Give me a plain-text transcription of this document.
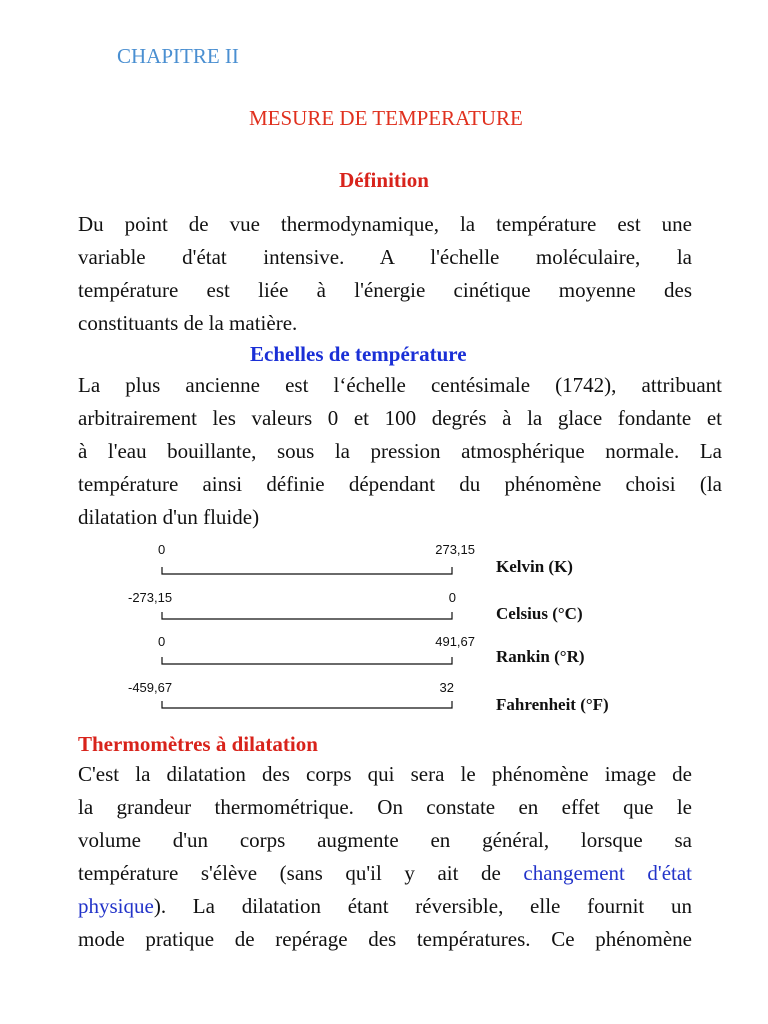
CHAPITRE II
MESURE DE TEMPERATURE
Définition
Du point de vue thermodynamique, la température est une
variable d'état intensive. A l'échelle moléculaire, la
température est liée à l'énergie cinétique moyenne des
constituants de la matière.
Echelles de température
La plus ancienne est l‘échelle centésimale (1742), attribuant
arbitrairement les valeurs 0 et 100 degrés à la glace fondante et
à l'eau bouillante, sous la pression atmosphérique normale. La
température ainsi définie dépendant du phénomène choisi (la
dilatation d'un fluide)
0	273,15
Kelvin (K)
-273,15	0
Celsius (°C)
0	491,67
Rankin (°R)
-459,67	32
Fahrenheit (°F)
Thermomètres à dilatation
C'est la dilatation des corps qui sera le phénomène image de
la grandeur thermométrique. On constate en effet que le
volume d'un corps augmente en général, lorsque sa
température s'élève (sans qu'il y ait de changement d'état
physique). La dilatation étant réversible, elle fournit un
mode pratique de repérage des températures. Ce phénomène
